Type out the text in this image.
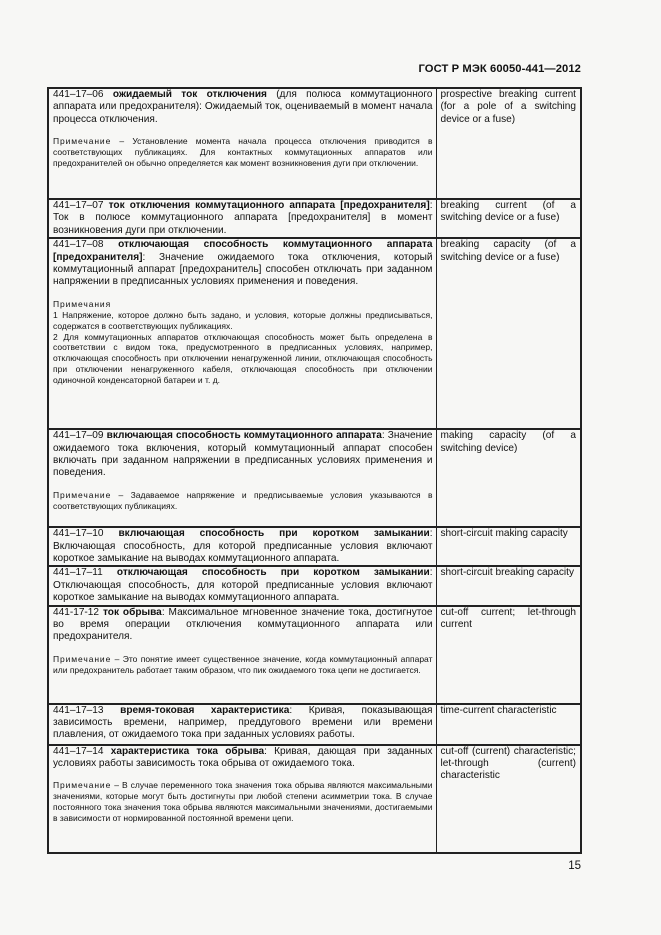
ГОСТ Р МЭК 60050-441—2012

441–17–06 ожидаемый ток отключения (для полюса коммутационного аппарата или предохранителя): Ожидаемый ток, оцениваемый в момент начала процесса отключения.

Примечание – Установление момента начала процесса отключения приводится в соответствующих публикациях. Для контактных коммутационных аппаратов или предохранителей он обычно определяется как момент возникновения дуги при отключении.	prospective breaking current (for a pole of a switching device or a fuse)

441–17–07 ток отключения коммутационного аппарата [предохранителя]: Ток в полюсе коммутационного аппарата [предохранителя] в момент возникновения дуги при отключении.	breaking current (of a switching device or a fuse)

441–17–08 отключающая способность коммутационного аппарата [предохранителя]: Значение ожидаемого тока отключения, который коммутационный аппарат [предохранитель] способен отключать при заданном напряжении в предписанных условиях применения и поведения.

Примечания

1 Напряжение, которое должно быть задано, и условия, которые должны предписываться, содержатся в соответствующих публикациях.

2 Для коммутационных аппаратов отключающая способность может быть определена в соответствии с видом тока, предусмотренного в предписанных условиях, например, отключающая способность при отключении ненагруженной линии, отключающая способность при отключении ненагруженного кабеля, отключающая способность при отключении одиночной конденсаторной батареи и т. д.	breaking capacity (of a switching device or a fuse)

441–17–09 включающая способность коммутационного аппарата: Значение ожидаемого тока включения, который коммутационный аппарат способен включать при заданном напряжении в предписанных условиях применения и поведения.

Примечание – Задаваемое напряжение и предписываемые условия указываются в соответствующих публикациях.	making capacity (of a switching device)

441–17–10 включающая способность при коротком замыкании: Включающая способность, для которой предписанные условия включают короткое замыкание на выводах коммутационного аппарата.	short-circuit making capacity

441–17–11 отключающая способность при коротком замыкании: Отключающая способность, для которой предписанные условия включают короткое замыкание на выводах коммутационного аппарата.	short-circuit breaking capacity

441-17-12 ток обрыва: Максимальное мгновенное значение тока, достигнутое во время операции отключения коммутационного аппарата или предохранителя.

Примечание – Это понятие имеет существенное значение, когда коммутационный аппарат или предохранитель работает таким образом, что пик ожидаемого тока цепи не достигается.	cut-off current; let-through current

441–17–13 время-токовая характеристика: Кривая, показывающая зависимость времени, например, преддугового времени или времени плавления, от ожидаемого тока при заданных условиях работы.	time-current characteristic

441–17–14 характеристика тока обрыва: Кривая, дающая при заданных условиях работы зависимость тока обрыва от ожидаемого тока.

Примечание – В случае переменного тока значения тока обрыва являются максимальными значениями, которые могут быть достигнуты при любой степени асимметрии тока. В случае постоянного тока значения тока обрыва являются максимальными значениями, достигаемыми в зависимости от нормированной постоянной времени цепи.	cut-off (current) characteristic; let-through (current) characteristic
15
